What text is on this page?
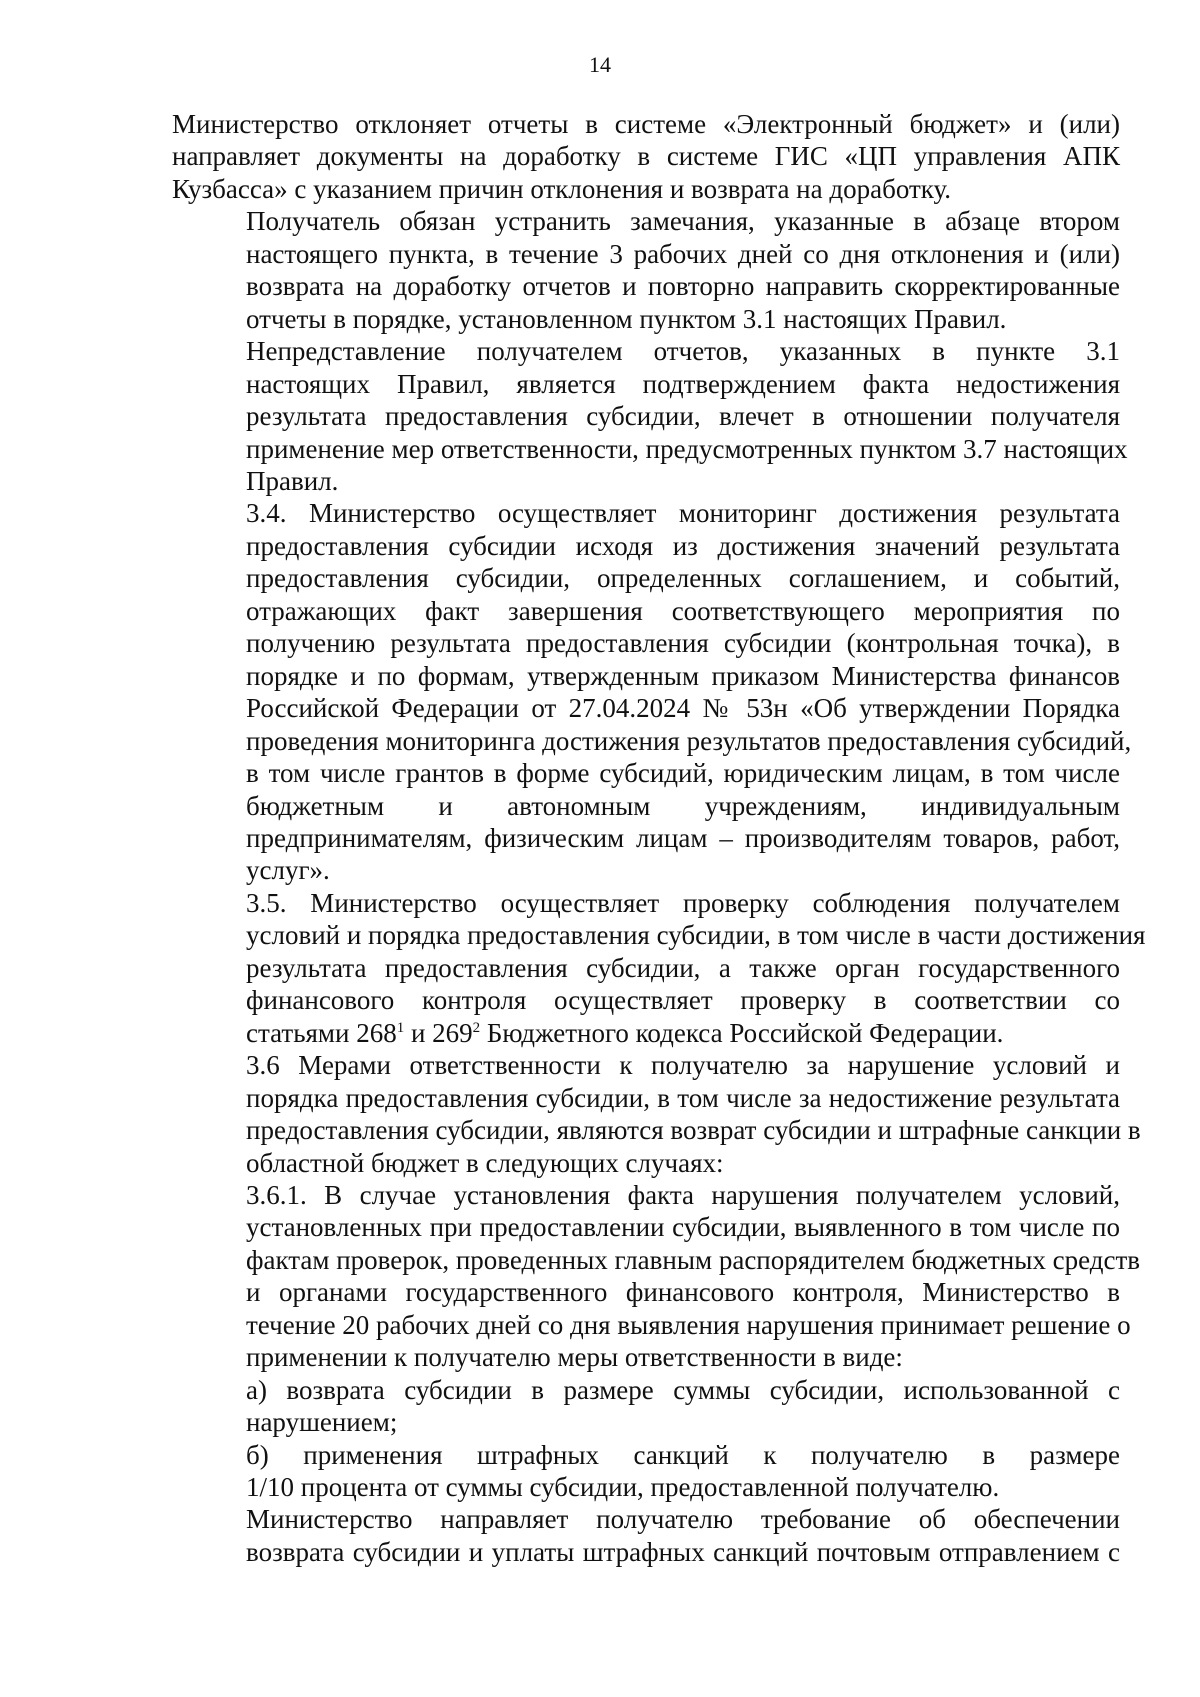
14
Министерство отклоняет отчеты в системе «Электронный бюджет» и (или)
направляет документы на доработку в системе ГИС «ЦП управления АПК
Кузбасса» с указанием причин отклонения и возврата на доработку.
Получатель обязан устранить замечания, указанные в абзаце втором
настоящего пункта, в течение 3 рабочих дней со дня отклонения и (или)
возврата на доработку отчетов и повторно направить скорректированные
отчеты в порядке, установленном пунктом 3.1 настоящих Правил.
Непредставление получателем отчетов, указанных в пункте 3.1
настоящих Правил, является подтверждением факта недостижения
результата предоставления субсидии, влечет в отношении получателя
применение мер ответственности, предусмотренных пунктом 3.7 настоящих
Правил.
3.4. Министерство осуществляет мониторинг достижения результата
предоставления субсидии исходя из достижения значений результата
предоставления субсидии, определенных соглашением, и событий,
отражающих факт завершения соответствующего мероприятия по
получению результата предоставления субсидии (контрольная точка), в
порядке и по формам, утвержденным приказом Министерства финансов
Российской Федерации от 27.04.2024 № 53н «Об утверждении Порядка
проведения мониторинга достижения результатов предоставления субсидий,
в том числе грантов в форме субсидий, юридическим лицам, в том числе
бюджетным и автономным учреждениям, индивидуальным
предпринимателям, физическим лицам – производителям товаров, работ,
услуг».
3.5. Министерство осуществляет проверку соблюдения получателем
условий и порядка предоставления субсидии, в том числе в части достижения
результата предоставления субсидии, а также орган государственного
финансового контроля осуществляет проверку в соответствии со
статьями $268^1$ и $269^2$ Бюджетного кодекса Российской Федерации.
3.6 Мерами ответственности к получателю за нарушение условий и
порядка предоставления субсидии, в том числе за недостижение результата
предоставления субсидии, являются возврат субсидии и штрафные санкции в
областной бюджет в следующих случаях:
3.6.1. В случае установления факта нарушения получателем условий,
установленных при предоставлении субсидии, выявленного в том числе по
фактам проверок, проведенных главным распорядителем бюджетных средств
и органами государственного финансового контроля, Министерство в
течение 20 рабочих дней со дня выявления нарушения принимает решение о
применении к получателю меры ответственности в виде:
а) возврата субсидии в размере суммы субсидии, использованной с
нарушением;
б) применения штрафных санкций к получателю в размере
1/10 процента от суммы субсидии, предоставленной получателю.
Министерство направляет получателю требование об обеспечении
возврата субсидии и уплаты штрафных санкций почтовым отправлением с
